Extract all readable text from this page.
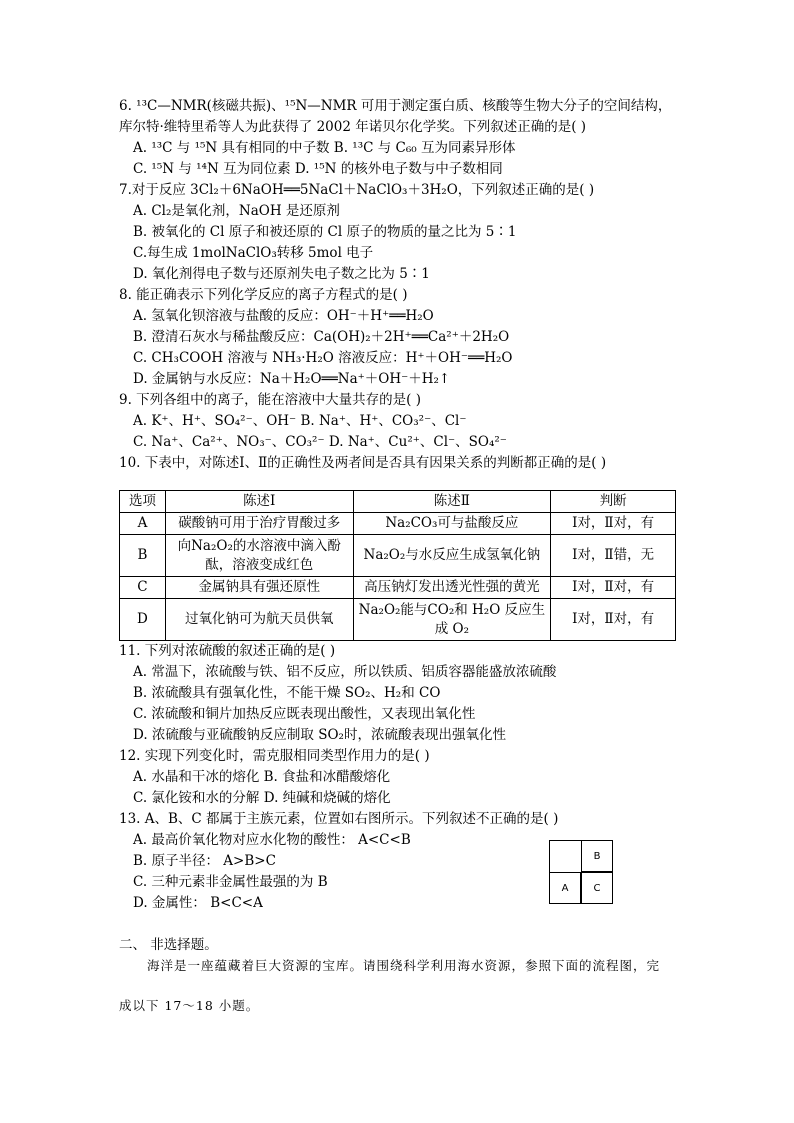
6. ¹³C—NMR(核磁共振)、¹⁵N—NMR 可用于测定蛋白质、核酸等生物大分子的空间结构，
库尔特·维特里希等人为此获得了 2002 年诺贝尔化学奖。下列叙述正确的是( )
A. ¹³C 与 ¹⁵N 具有相同的中子数 B. ¹³C 与 C₆₀ 互为同素异形体
C. ¹⁵N 与 ¹⁴N 互为同位素 D. ¹⁵N 的核外电子数与中子数相同
7.对于反应 3Cl₂＋6NaOH══5NaCl＋NaClO₃＋3H₂O，下列叙述正确的是( )
A. Cl₂是氧化剂，NaOH 是还原剂
B. 被氧化的 Cl 原子和被还原的 Cl 原子的物质的量之比为 5∶1
C.每生成 1molNaClO₃转移 5mol 电子
D. 氧化剂得电子数与还原剂失电子数之比为 5∶1
8. 能正确表示下列化学反应的离子方程式的是( )
A. 氢氧化钡溶液与盐酸的反应：OH⁻＋H⁺══H₂O
B. 澄清石灰水与稀盐酸反应：Ca(OH)₂＋2H⁺══Ca²⁺＋2H₂O
C. CH₃COOH 溶液与 NH₃·H₂O 溶液反应：H⁺＋OH⁻══H₂O
D. 金属钠与水反应：Na＋H₂O══Na⁺＋OH⁻＋H₂↑
9. 下列各组中的离子，能在溶液中大量共存的是( )
A. K⁺、H⁺、SO₄²⁻、OH⁻ B. Na⁺、H⁺、CO₃²⁻、Cl⁻
C. Na⁺、Ca²⁺、NO₃⁻、CO₃²⁻ D. Na⁺、Cu²⁺、Cl⁻、SO₄²⁻
10. 下表中，对陈述Ⅰ、Ⅱ的正确性及两者间是否具有因果关系的判断都正确的是( )
选项	陈述Ⅰ	陈述Ⅱ	判断
A	碳酸钠可用于治疗胃酸过多	Na₂CO₃可与盐酸反应	Ⅰ对，Ⅱ对，有
B	向Na₂O₂的水溶液中滴入酚酞，溶液变成红色	Na₂O₂与水反应生成氢氧化钠	Ⅰ对，Ⅱ错，无
C	金属钠具有强还原性	高压钠灯发出透光性强的黄光	Ⅰ对，Ⅱ对，有
D	过氧化钠可为航天员供氧	Na₂O₂能与CO₂和 H₂O 反应生成 O₂	Ⅰ对，Ⅱ对，有
11. 下列对浓硫酸的叙述正确的是( )
A. 常温下，浓硫酸与铁、铝不反应，所以铁质、铝质容器能盛放浓硫酸
B. 浓硫酸具有强氧化性，不能干燥 SO₂、H₂和 CO
C. 浓硫酸和铜片加热反应既表现出酸性，又表现出氧化性
D. 浓硫酸与亚硫酸钠反应制取 SO₂时，浓硫酸表现出强氧化性
12. 实现下列变化时，需克服相同类型作用力的是( )
A. 水晶和干冰的熔化 B. 食盐和冰醋酸熔化
C. 氯化铵和水的分解 D. 纯碱和烧碱的熔化
13. A、B、C 都属于主族元素，位置如右图所示。下列叙述不正确的是( )
A. 最高价氧化物对应水化物的酸性： A<C<B
B. 原子半径： A>B>C
C. 三种元素非金属性最强的为 B
D. 金属性： B<C<A
B
A	C
二、 非选择题。
海洋是一座蕴藏着巨大资源的宝库。请围绕科学利用海水资源，参照下面的流程图，完
成以下 17～18 小题。
